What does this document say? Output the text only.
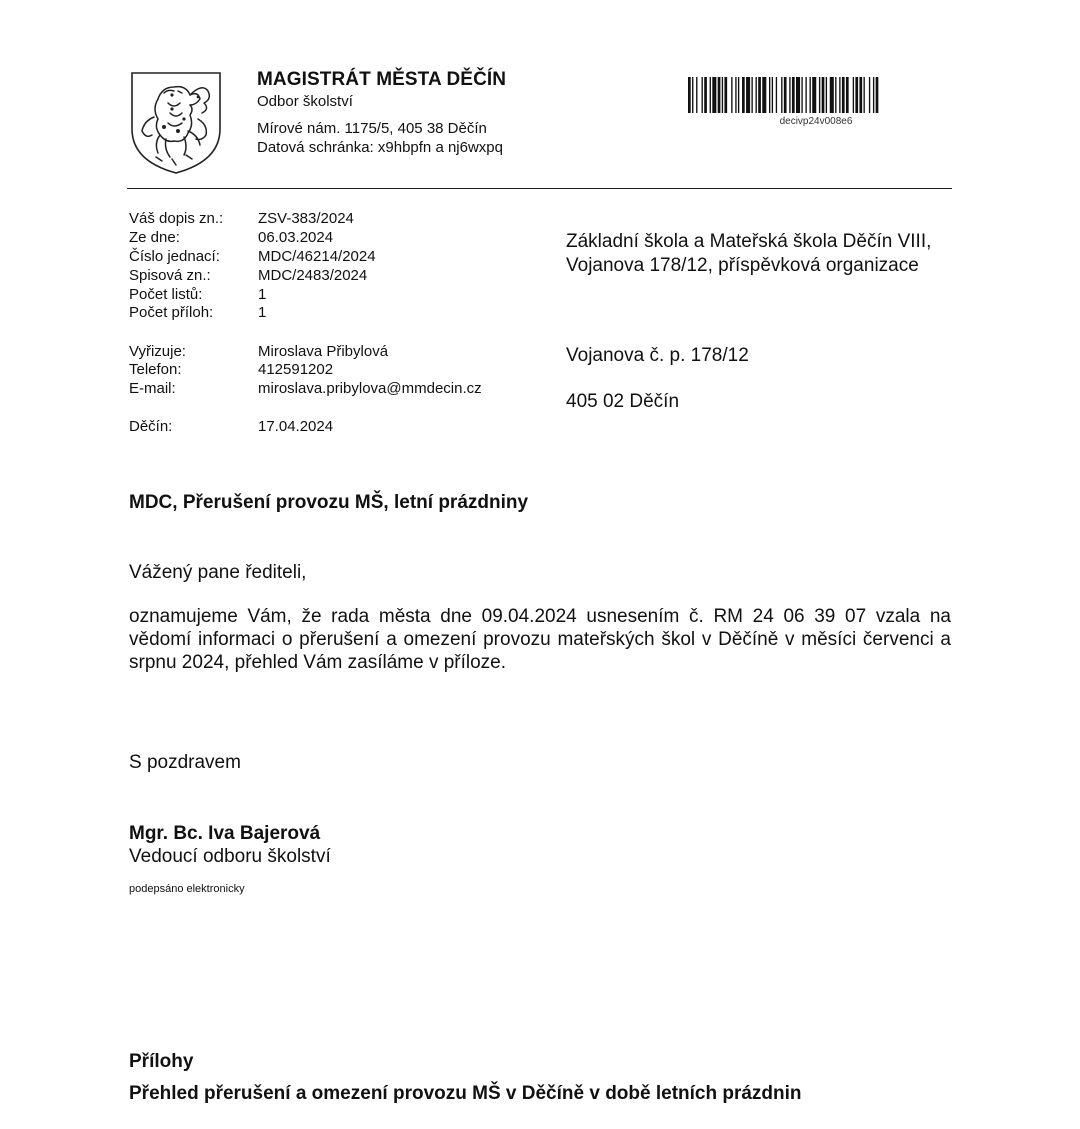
MAGISTRÁT MĚSTA DĚČÍN
Odbor školství
Mírové nám. 1175/5, 405 38 Děčín
Datová schránka: x9hbpfn a nj6wxpq
decivp24v008e6
Váš dopis zn.: ZSV-383/2024
Ze dne:	06.03.2024
Číslo jednací:	MDC/46214/2024
Spisová zn.:	MDC/2483/2024
Počet listů:	1
Počet příloh:	1
Vyřizuje:	Miroslava Přibylová
Telefon:	412591202
E-mail:	miroslava.pribylova@mmdecin.cz
Děčín:	17.04.2024
Základní škola a Mateřská škola Děčín VIII,
Vojanova 178/12, příspěvková organizace
Vojanova č. p. 178/12
405 02 Děčín
MDC, Přerušení provozu MŠ, letní prázdniny
Vážený pane řediteli,
oznamujeme Vám, že rada města dne 09.04.2024 usnesením č. RM 24 06 39 07 vzala na vědomí informaci o přerušení a omezení provozu mateřských škol v Děčíně v měsíci červenci a srpnu 2024, přehled Vám zasíláme v příloze.
S pozdravem
Mgr. Bc. Iva Bajerová
Vedoucí odboru školství
podepsáno elektronicky
Přílohy
Přehled přerušení a omezení provozu MŠ v Děčíně v době letních prázdnin
